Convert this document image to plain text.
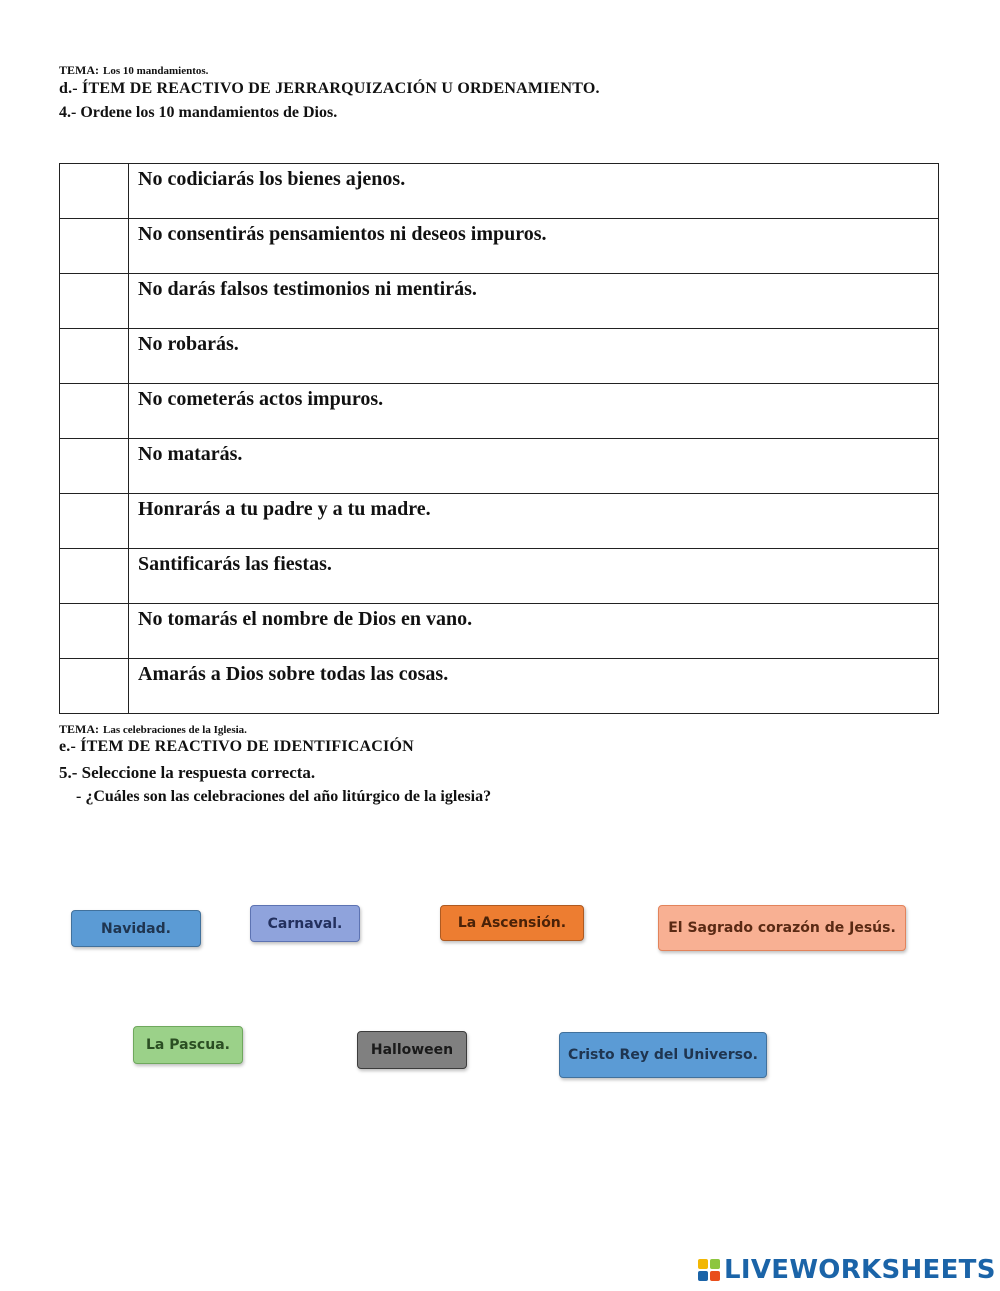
TEMA: Los 10 mandamientos.
d.- ÍTEM DE REACTIVO DE JERRARQUIZACIÓN U ORDENAMIENTO.
4.- Ordene los 10 mandamientos de Dios.
	No codiciarás los bienes ajenos.
	No consentirás pensamientos ni deseos impuros.
	No darás falsos testimonios ni mentirás.
	No robarás.
	No cometerás actos impuros.
	No matarás.
	Honrarás a tu padre y a tu madre.
	Santificarás las fiestas.
	No tomarás el nombre de Dios en vano.
	Amarás a Dios sobre todas las cosas.
TEMA: Las celebraciones de la Iglesia.
e.- ÍTEM DE REACTIVO DE IDENTIFICACIÓN
5.- Seleccione la respuesta correcta.
- ¿Cuáles son las celebraciones del año litúrgico de la iglesia?
Navidad.	Carnaval.	La Ascensión.	El Sagrado corazón de Jesús.
La Pascua.	Halloween	Cristo Rey del Universo.
LIVEWORKSHEETS
